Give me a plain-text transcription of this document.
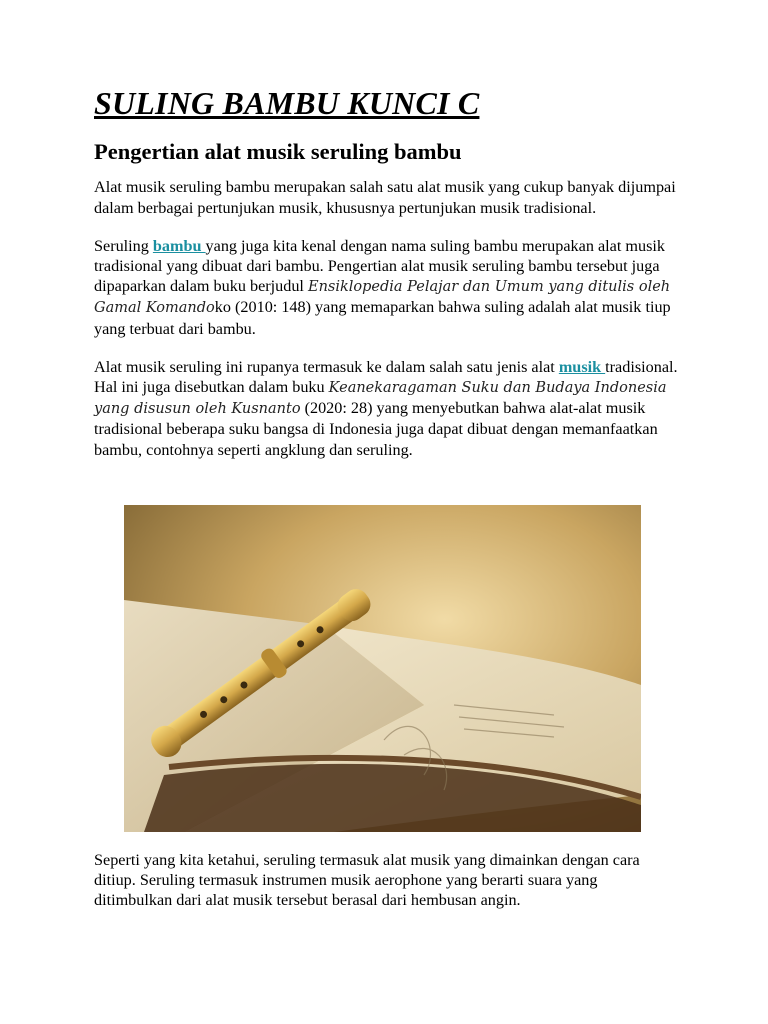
SULING BAMBU KUNCI C
Pengertian alat musik seruling bambu

Alat musik seruling bambu merupakan salah satu alat musik yang cukup banyak dijumpai dalam berbagai pertunjukan musik, khususnya pertunjukan musik tradisional.

Seruling bambu yang juga kita kenal dengan nama suling bambu merupakan alat musik tradisional yang dibuat dari bambu. Pengertian alat musik seruling bambu tersebut juga dipaparkan dalam buku berjudul Ensiklopedia Pelajar dan Umum yang ditulis oleh Gamal Komandoko (2010: 148) yang memaparkan bahwa suling adalah alat musik tiup yang terbuat dari bambu.

Alat musik seruling ini rupanya termasuk ke dalam salah satu jenis alat musik tradisional. Hal ini juga disebutkan dalam buku Keanekaragaman Suku dan Budaya Indonesia yang disusun oleh Kusnanto (2020: 28) yang menyebutkan bahwa alat-alat musik tradisional beberapa suku bangsa di Indonesia juga dapat dibuat dengan memanfaatkan bambu, contohnya seperti angklung dan seruling.

Seperti yang kita ketahui, seruling termasuk alat musik yang dimainkan dengan cara ditiup. Seruling termasuk instrumen musik aerophone yang berarti suara yang ditimbulkan dari alat musik tersebut berasal dari hembusan angin.
